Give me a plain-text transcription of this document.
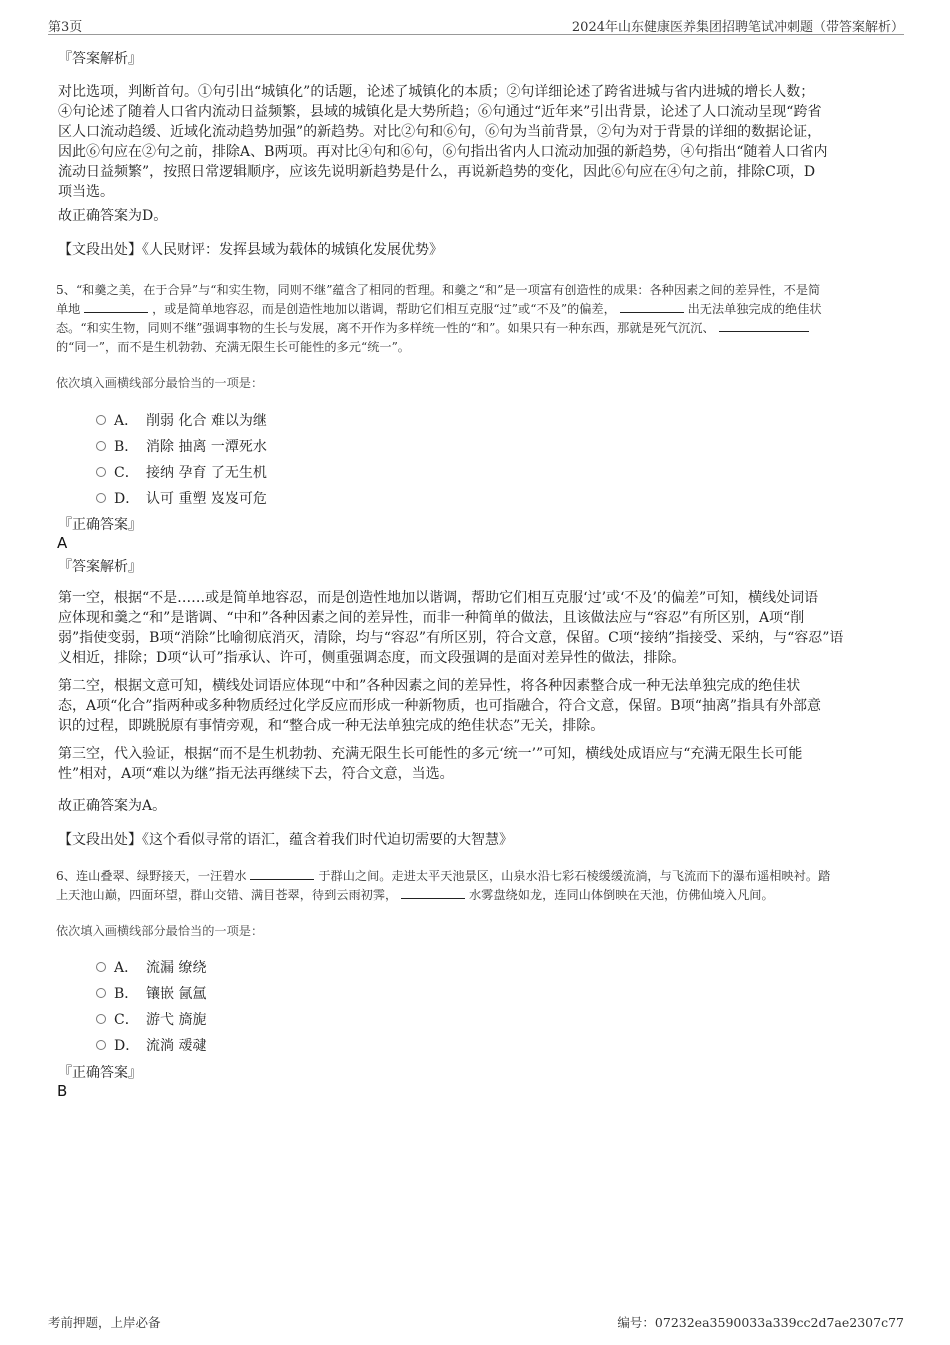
第3页	2024年山东健康医养集团招聘笔试冲刺题（带答案解析）
『答案解析』
对比选项，判断首句。①句引出“城镇化”的话题，论述了城镇化的本质；②句详细论述了跨省进城与省内进城的增长人数；
④句论述了随着人口省内流动日益频繁，县域的城镇化是大势所趋；⑥句通过“近年来”引出背景，论述了人口流动呈现“跨省
区人口流动趋缓、近域化流动趋势加强”的新趋势。对比②句和⑥句，⑥句为当前背景，②句为对于背景的详细的数据论证，
因此⑥句应在②句之前，排除A、B两项。再对比④句和⑥句，⑥句指出省内人口流动加强的新趋势，④句指出“随着人口省内
流动日益频繁”，按照日常逻辑顺序，应该先说明新趋势是什么，再说新趋势的变化，因此⑥句应在④句之前，排除C项，D
项当选。
故正确答案为D。
【文段出处】《人民财评：发挥县域为载体的城镇化发展优势》
5、“和羹之美，在于合异”与“和实生物，同则不继”蕴含了相同的哲理。和羹之“和”是一项富有创造性的成果：各种因素之间的差异性，不是简
单地	，或是简单地容忍，而是创造性地加以谐调，帮助它们相互克服“过”或“不及”的偏差，	出无法单独完成的绝佳状
态。“和实生物，同则不继”强调事物的生长与发展，离不开作为多样统一性的“和”。如果只有一种东西，那就是死气沉沉、
的“同一”，而不是生机勃勃、充满无限生长可能性的多元“统一”。
依次填入画横线部分最恰当的一项是：
A． 削弱 化合 难以为继
B． 消除 抽离 一潭死水
C． 接纳 孕育 了无生机
D． 认可 重塑 岌岌可危
『正确答案』
A
『答案解析』
第一空，根据“不是……或是简单地容忍，而是创造性地加以谐调，帮助它们相互克服‘过’或‘不及’的偏差”可知，横线处词语
应体现和羹之“和”是谐调、“中和”各种因素之间的差异性，而非一种简单的做法，且该做法应与“容忍”有所区别，A项“削
弱”指使变弱，B项“消除”比喻彻底消灭，清除，均与“容忍”有所区别，符合文意，保留。C项“接纳”指接受、采纳，与“容忍”语
义相近，排除；D项“认可”指承认、许可，侧重强调态度，而文段强调的是面对差异性的做法，排除。
第二空，根据文意可知，横线处词语应体现“中和”各种因素之间的差异性，将各种因素整合成一种无法单独完成的绝佳状
态，A项“化合”指两种或多种物质经过化学反应而形成一种新物质，也可指融合，符合文意，保留。B项“抽离”指具有外部意
识的过程，即跳脱原有事情旁观，和“整合成一种无法单独完成的绝佳状态”无关，排除。
第三空，代入验证，根据“而不是生机勃勃、充满无限生长可能性的多元‘统一’”可知，横线处成语应与“充满无限生长可能
性”相对，A项“难以为继”指无法再继续下去，符合文意，当选。
故正确答案为A。
【文段出处】《这个看似寻常的语汇，蕴含着我们时代迫切需要的大智慧》
6、连山叠翠、绿野接天，一汪碧水	于群山之间。走进太平天池景区，山泉水沿七彩石棱缓缓流淌，与飞流而下的瀑布遥相映衬。踏
上天池山巅，四面环望，群山交错、满目苍翠，待到云雨初霁，	水雾盘绕如龙，连同山体倒映在天池，仿佛仙境入凡间。
依次填入画横线部分最恰当的一项是：
A． 流漏 缭绕
B． 镶嵌 氤氲
C． 游弋 旖旎
D． 流淌 叆叇
『正确答案』
B
考前押题，上岸必备	编号：07232ea3590033a339cc2d7ae2307c77
